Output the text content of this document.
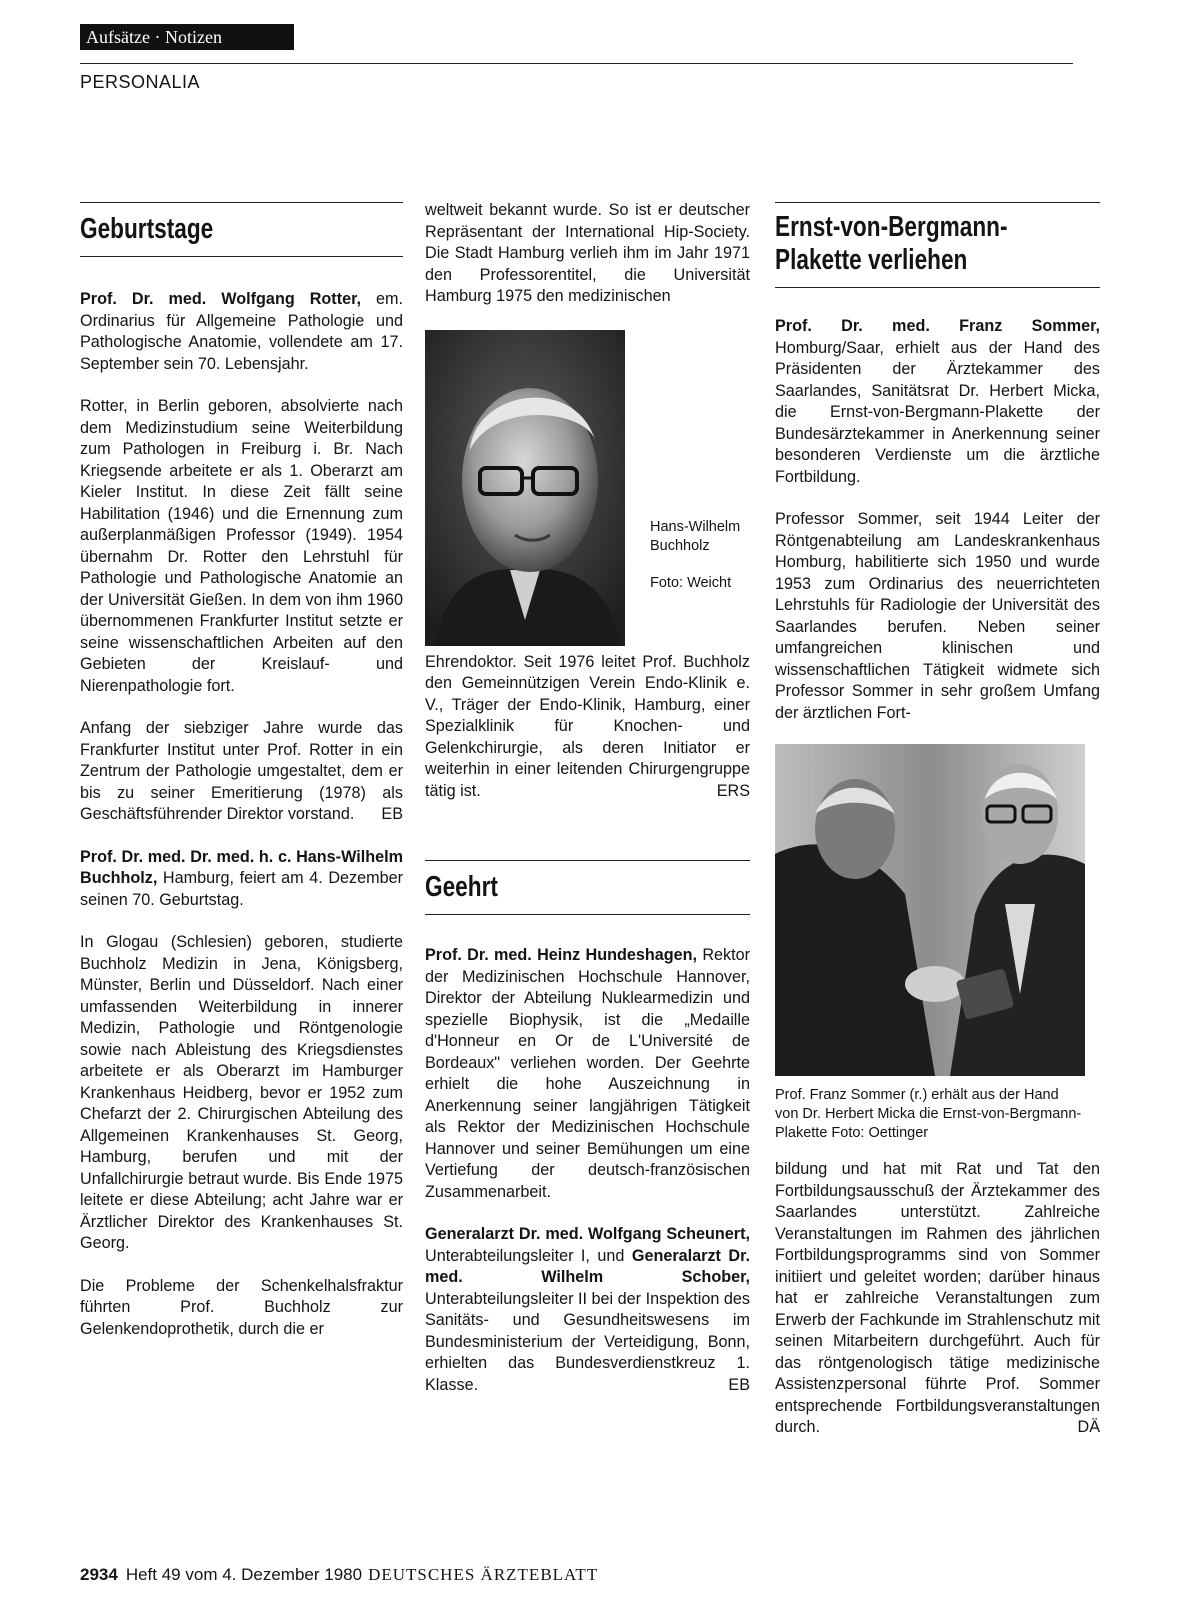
Aufsätze · Notizen
PERSONALIA
Geburtstage

Prof. Dr. med. Wolfgang Rotter, em. Ordinarius für Allgemeine Pathologie und Pathologische Anatomie, vollendete am 17. September sein 70. Lebensjahr.

Rotter, in Berlin geboren, absolvierte nach dem Medizinstudium seine Weiterbildung zum Pathologen in Freiburg i. Br. Nach Kriegsende arbeitete er als 1. Oberarzt am Kieler Institut. In diese Zeit fällt seine Habilitation (1946) und die Ernennung zum außerplanmäßigen Professor (1949). 1954 übernahm Dr. Rotter den Lehrstuhl für Pathologie und Pathologische Anatomie an der Universität Gießen. In dem von ihm 1960 übernommenen Frankfurter Institut setzte er seine wissenschaftlichen Arbeiten auf den Gebieten der Kreislauf- und Nierenpathologie fort.

Anfang der siebziger Jahre wurde das Frankfurter Institut unter Prof. Rotter in ein Zentrum der Pathologie umgestaltet, dem er bis zu seiner Emeritierung (1978) als Geschäftsführender Direktor vorstand. EB

Prof. Dr. med. Dr. med. h. c. Hans-Wilhelm Buchholz, Hamburg, feiert am 4. Dezember seinen 70. Geburtstag.

In Glogau (Schlesien) geboren, studierte Buchholz Medizin in Jena, Königsberg, Münster, Berlin und Düsseldorf. Nach einer umfassenden Weiterbildung in innerer Medizin, Pathologie und Röntgenologie sowie nach Ableistung des Kriegsdienstes arbeitete er als Oberarzt im Hamburger Krankenhaus Heidberg, bevor er 1952 zum Chefarzt der 2. Chirurgischen Abteilung des Allgemeinen Krankenhauses St. Georg, Hamburg, berufen und mit der Unfallchirurgie betraut wurde. Bis Ende 1975 leitete er diese Abteilung; acht Jahre war er Ärztlicher Direktor des Krankenhauses St. Georg.

Die Probleme der Schenkelhalsfraktur führten Prof. Buchholz zur Gelenkendoprothetik, durch die er

weltweit bekannt wurde. So ist er deutscher Repräsentant der International Hip-Society. Die Stadt Hamburg verlieh ihm im Jahr 1971 den Professorentitel, die Universität Hamburg 1975 den medizinischen

Hans-Wilhelm Buchholz
Foto: Weicht

Ehrendoktor. Seit 1976 leitet Prof. Buchholz den Gemeinnützigen Verein Endo-Klinik e. V., Träger der Endo-Klinik, Hamburg, einer Spezialklinik für Knochen- und Gelenkchirurgie, als deren Initiator er weiterhin in einer leitenden Chirurgengruppe tätig ist.	ERS

Geehrt

Prof. Dr. med. Heinz Hundeshagen, Rektor der Medizinischen Hochschule Hannover, Direktor der Abteilung Nuklearmedizin und spezielle Biophysik, ist die „Medaille d'Honneur en Or de L'Université de Bordeaux" verliehen worden. Der Geehrte erhielt die hohe Auszeichnung in Anerkennung seiner langjährigen Tätigkeit als Rektor der Medizinischen Hochschule Hannover und seiner Bemühungen um eine Vertiefung der deutsch-französischen Zusammenarbeit.

Generalarzt Dr. med. Wolfgang Scheunert, Unterabteilungsleiter I, und Generalarzt Dr. med. Wilhelm Schober, Unterabteilungsleiter II bei der Inspektion des Sanitäts- und Gesundheitswesens im Bundesministerium der Verteidigung, Bonn, erhielten das Bundesverdienstkreuz 1. Klasse.	EB

Ernst-von-Bergmann-
Plakette verliehen

Prof. Dr. med. Franz Sommer, Homburg/Saar, erhielt aus der Hand des Präsidenten der Ärztekammer des Saarlandes, Sanitätsrat Dr. Herbert Micka, die Ernst-von-Bergmann-Plakette der Bundesärztekammer in Anerkennung seiner besonderen Verdienste um die ärztliche Fortbildung.

Professor Sommer, seit 1944 Leiter der Röntgenabteilung am Landeskrankenhaus Homburg, habilitierte sich 1950 und wurde 1953 zum Ordinarius des neuerrichteten Lehrstuhls für Radiologie der Universität des Saarlandes berufen. Neben seiner umfangreichen klinischen und wissenschaftlichen Tätigkeit widmete sich Professor Sommer in sehr großem Umfang der ärztlichen Fort-

Prof. Franz Sommer (r.) erhält aus der Hand von Dr. Herbert Micka die Ernst-von-Bergmann-Plakette Foto: Oettinger

bildung und hat mit Rat und Tat den Fortbildungsausschuß der Ärztekammer des Saarlandes unterstützt. Zahlreiche Veranstaltungen im Rahmen des jährlichen Fortbildungsprogramms sind von Sommer initiiert und geleitet worden; darüber hinaus hat er zahlreiche Veranstaltungen zum Erwerb der Fachkunde im Strahlenschutz mit seinen Mitarbeitern durchgeführt. Auch für das röntgenologisch tätige medizinische Assistenzpersonal führte Prof. Sommer entsprechende Fortbildungsveranstaltungen durch.	DÄ

2934 Heft 49 vom 4. Dezember 1980 DEUTSCHES ÄRZTEBLATT
